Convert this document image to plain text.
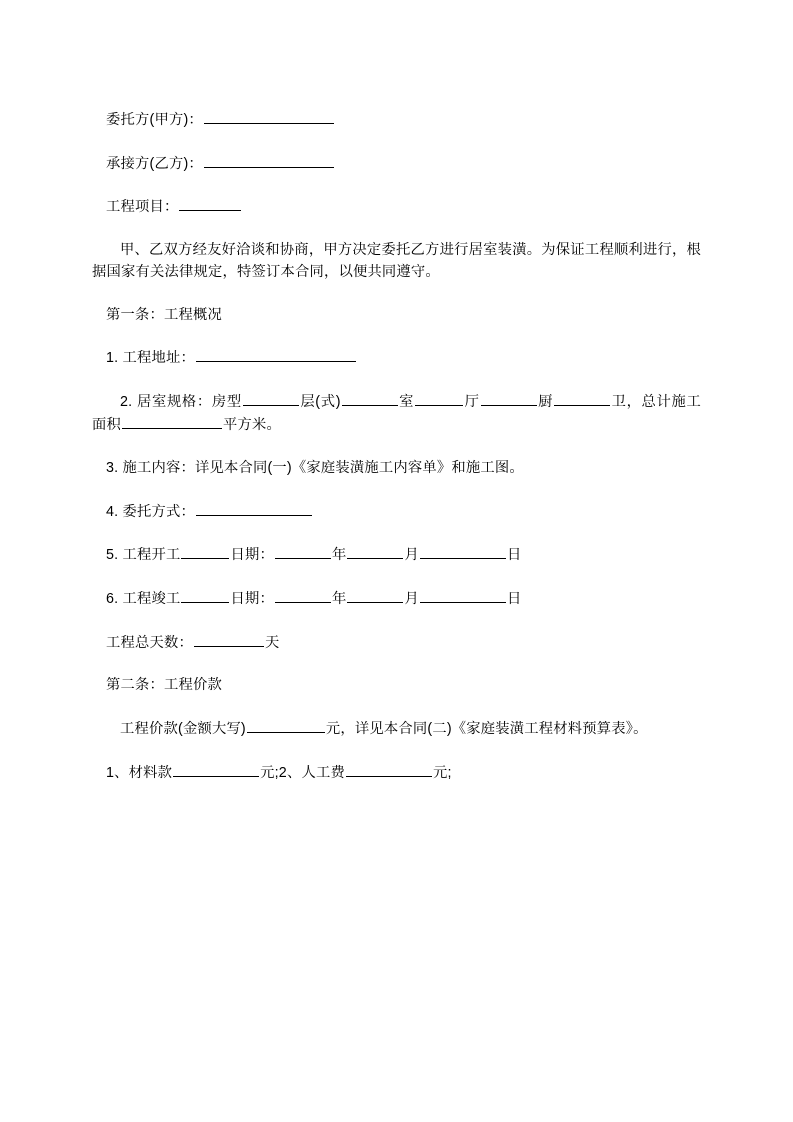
委托方(甲方)：

承接方(乙方)：

工程项目：

甲、乙双方经友好洽谈和协商，甲方决定委托乙方进行居室装潢。为保证工程顺利进行，根据国家有关法律规定，特签订本合同，以便共同遵守。

第一条：工程概况

1. 工程地址：

2. 居室规格：房型	层(式)	室	厅	厨	卫，总计施工面积	平方米。

3. 施工内容：详见本合同(一)《家庭装潢施工内容单》和施工图。

4. 委托方式：

5. 工程开工	日期：	年	月	日

6. 工程竣工	日期：	年	月	日

工程总天数：	天

第二条：工程价款

工程价款(金额大写)	元，详见本合同(二)《家庭装潢工程材料预算表》。

1、材料款	元;2、人工费	元;
